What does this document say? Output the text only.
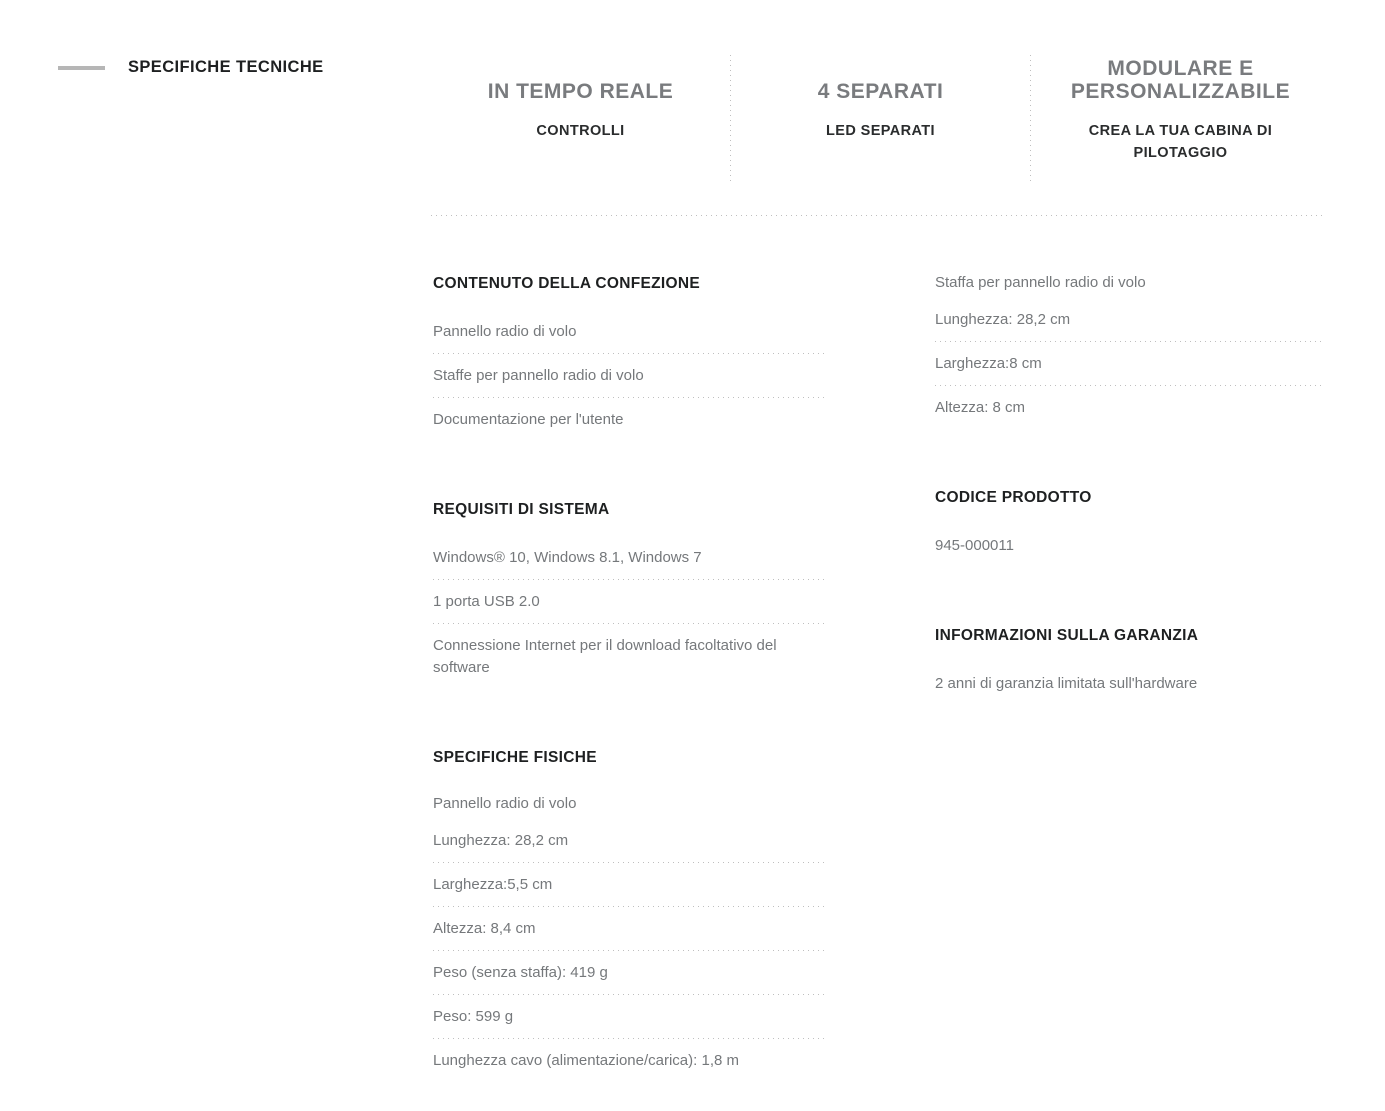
SPECIFICHE TECNICHE
IN TEMPO REALE
CONTROLLI
4 SEPARATI
LED SEPARATI
MODULARE E PERSONALIZZABILE
CREA LA TUA CABINA DI PILOTAGGIO
CONTENUTO DELLA CONFEZIONE
Pannello radio di volo
Staffe per pannello radio di volo
Documentazione per l'utente
REQUISITI DI SISTEMA
Windows® 10, Windows 8.1, Windows 7
1 porta USB 2.0
Connessione Internet per il download facoltativo del software
SPECIFICHE FISICHE
Pannello radio di volo
Lunghezza: 28,2 cm
Larghezza:5,5 cm
Altezza: 8,4 cm
Peso (senza staffa): 419 g
Peso: 599 g
Lunghezza cavo (alimentazione/carica): 1,8 m
Staffa per pannello radio di volo
Lunghezza: 28,2 cm
Larghezza:8 cm
Altezza: 8 cm
CODICE PRODOTTO
945-000011
INFORMAZIONI SULLA GARANZIA
2 anni di garanzia limitata sull'hardware
